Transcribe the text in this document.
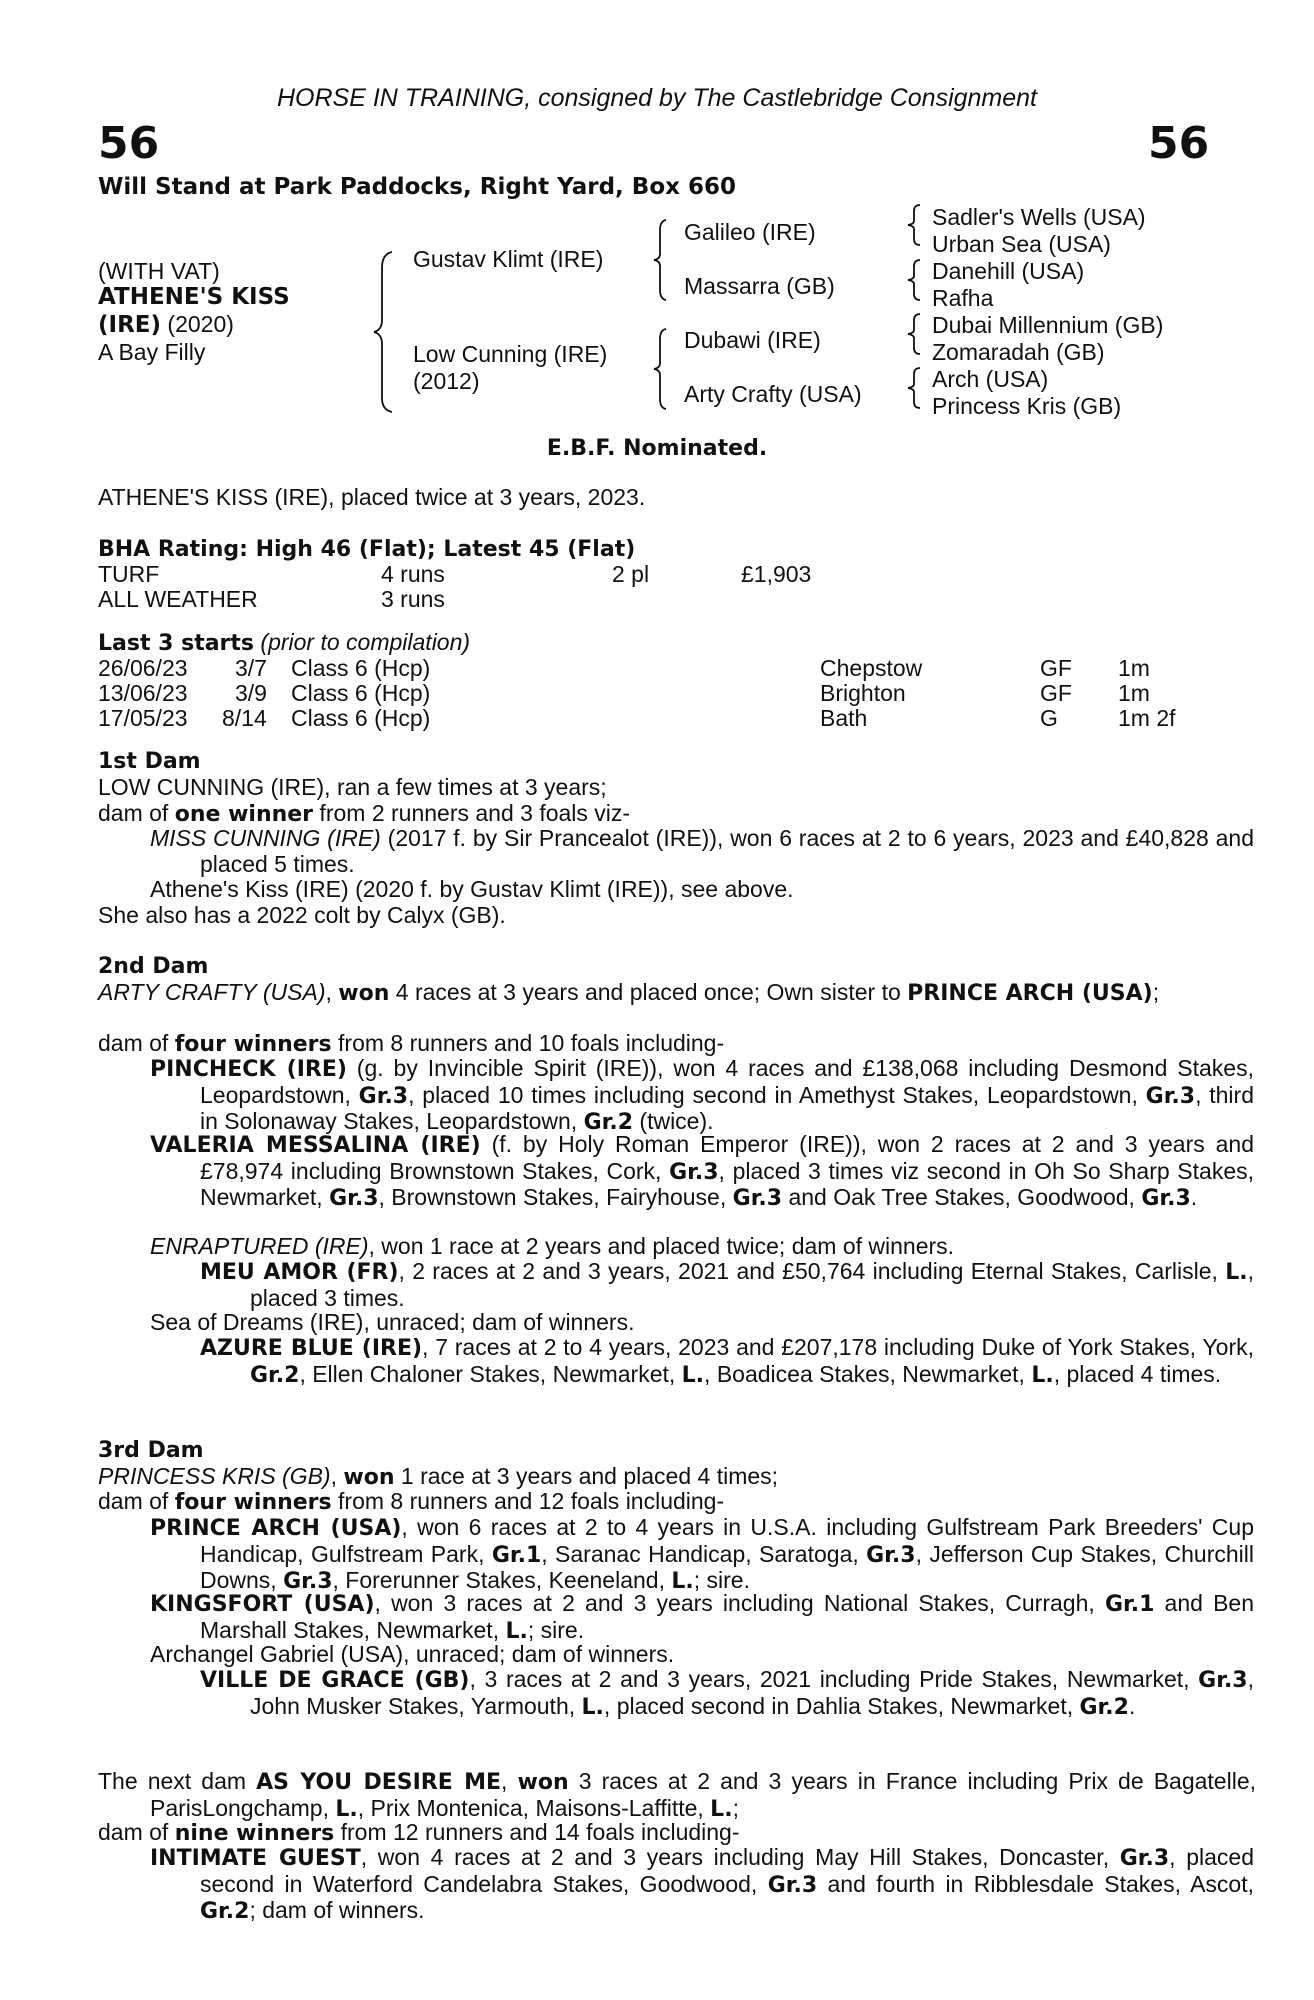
HORSE IN TRAINING, consigned by The Castlebridge Consignment
56	56
Will Stand at Park Paddocks, Right Yard, Box 660
(WITH VAT)
ATHENE'S KISS
(IRE) (2020)
A Bay Filly
Gustav Klimt (IRE)
Low Cunning (IRE)
(2012)
Galileo (IRE)
Massarra (GB)
Dubawi (IRE)
Arty Crafty (USA)
Sadler's Wells (USA)
Urban Sea (USA)
Danehill (USA)
Rafha
Dubai Millennium (GB)
Zomaradah (GB)
Arch (USA)
Princess Kris (GB)
E.B.F. Nominated.
ATHENE'S KISS (IRE), placed twice at 3 years, 2023.
BHA Rating: High 46 (Flat); Latest 45 (Flat)
TURF	4 runs	2 pl	£1,903
ALL WEATHER	3 runs
Last 3 starts (prior to compilation)
26/06/23 3/7 Class 6 (Hcp)	Chepstow	GF 1m
13/06/23 3/9 Class 6 (Hcp)	Brighton	GF 1m
17/05/23 8/14 Class 6 (Hcp)	Bath	G	1m 2f
1st Dam
LOW CUNNING (IRE), ran a few times at 3 years;
dam of one winner from 2 runners and 3 foals viz-
MISS CUNNING (IRE) (2017 f. by Sir Prancealot (IRE)), won 6 races at 2 to 6 years, 2023 and £40,828 and placed 5 times.
Athene's Kiss (IRE) (2020 f. by Gustav Klimt (IRE)), see above.
She also has a 2022 colt by Calyx (GB).
2nd Dam
ARTY CRAFTY (USA), won 4 races at 3 years and placed once; Own sister to PRINCE ARCH (USA);
dam of four winners from 8 runners and 10 foals including-
PINCHECK (IRE) (g. by Invincible Spirit (IRE)), won 4 races and £138,068 including Desmond Stakes, Leopardstown, Gr.3, placed 10 times including second in Amethyst Stakes, Leopardstown, Gr.3, third in Solonaway Stakes, Leopardstown, Gr.2 (twice).
VALERIA MESSALINA (IRE) (f. by Holy Roman Emperor (IRE)), won 2 races at 2 and 3 years and £78,974 including Brownstown Stakes, Cork, Gr.3, placed 3 times viz second in Oh So Sharp Stakes, Newmarket, Gr.3, Brownstown Stakes, Fairyhouse, Gr.3 and Oak Tree Stakes, Goodwood, Gr.3.
ENRAPTURED (IRE), won 1 race at 2 years and placed twice; dam of winners.
MEU AMOR (FR), 2 races at 2 and 3 years, 2021 and £50,764 including Eternal Stakes, Carlisle, L., placed 3 times.
Sea of Dreams (IRE), unraced; dam of winners.
AZURE BLUE (IRE), 7 races at 2 to 4 years, 2023 and £207,178 including Duke of York Stakes, York, Gr.2, Ellen Chaloner Stakes, Newmarket, L., Boadicea Stakes, Newmarket, L., placed 4 times.
3rd Dam
PRINCESS KRIS (GB), won 1 race at 3 years and placed 4 times;
dam of four winners from 8 runners and 12 foals including-
PRINCE ARCH (USA), won 6 races at 2 to 4 years in U.S.A. including Gulfstream Park Breeders' Cup Handicap, Gulfstream Park, Gr.1, Saranac Handicap, Saratoga, Gr.3, Jefferson Cup Stakes, Churchill Downs, Gr.3, Forerunner Stakes, Keeneland, L.; sire.
KINGSFORT (USA), won 3 races at 2 and 3 years including National Stakes, Curragh, Gr.1 and Ben Marshall Stakes, Newmarket, L.; sire.
Archangel Gabriel (USA), unraced; dam of winners.
VILLE DE GRACE (GB), 3 races at 2 and 3 years, 2021 including Pride Stakes, Newmarket, Gr.3, John Musker Stakes, Yarmouth, L., placed second in Dahlia Stakes, Newmarket, Gr.2.
The next dam AS YOU DESIRE ME, won 3 races at 2 and 3 years in France including Prix de Bagatelle, ParisLongchamp, L., Prix Montenica, Maisons-Laffitte, L.;
dam of nine winners from 12 runners and 14 foals including-
INTIMATE GUEST, won 4 races at 2 and 3 years including May Hill Stakes, Doncaster, Gr.3, placed second in Waterford Candelabra Stakes, Goodwood, Gr.3 and fourth in Ribblesdale Stakes, Ascot, Gr.2; dam of winners.
